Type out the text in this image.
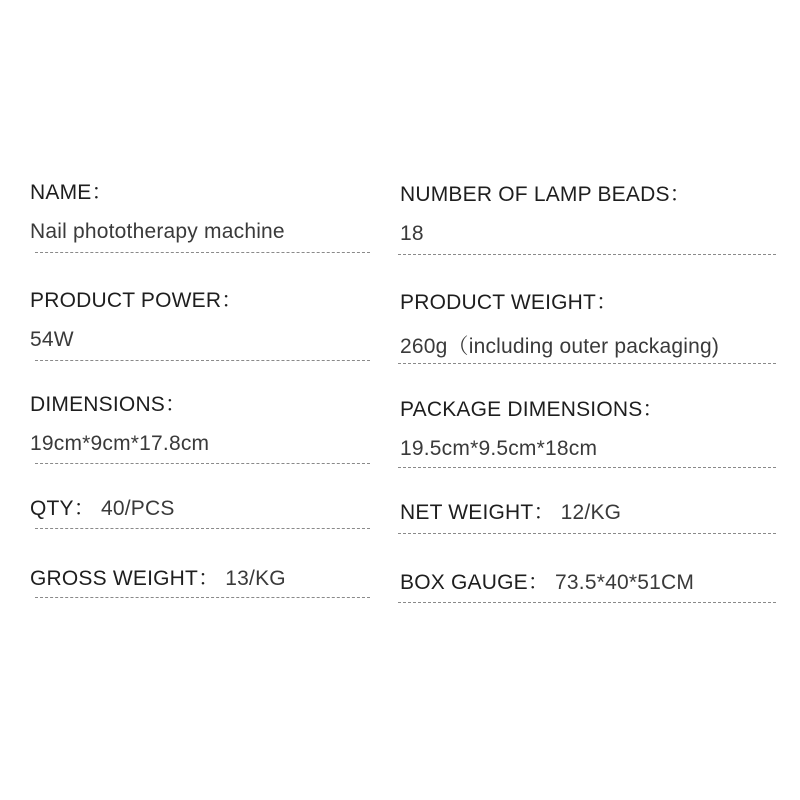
NAME：
Nail phototherapy machine
NUMBER OF LAMP BEADS：
18
PRODUCT POWER：
54W
PRODUCT WEIGHT：
260g（including outer packaging)
DIMENSIONS：
19cm*9cm*17.8cm
PACKAGE DIMENSIONS：
19.5cm*9.5cm*18cm
QTY： 40/PCS	NET WEIGHT： 12/KG
GROSS WEIGHT： 13/KG	BOX GAUGE： 73.5*40*51CM
